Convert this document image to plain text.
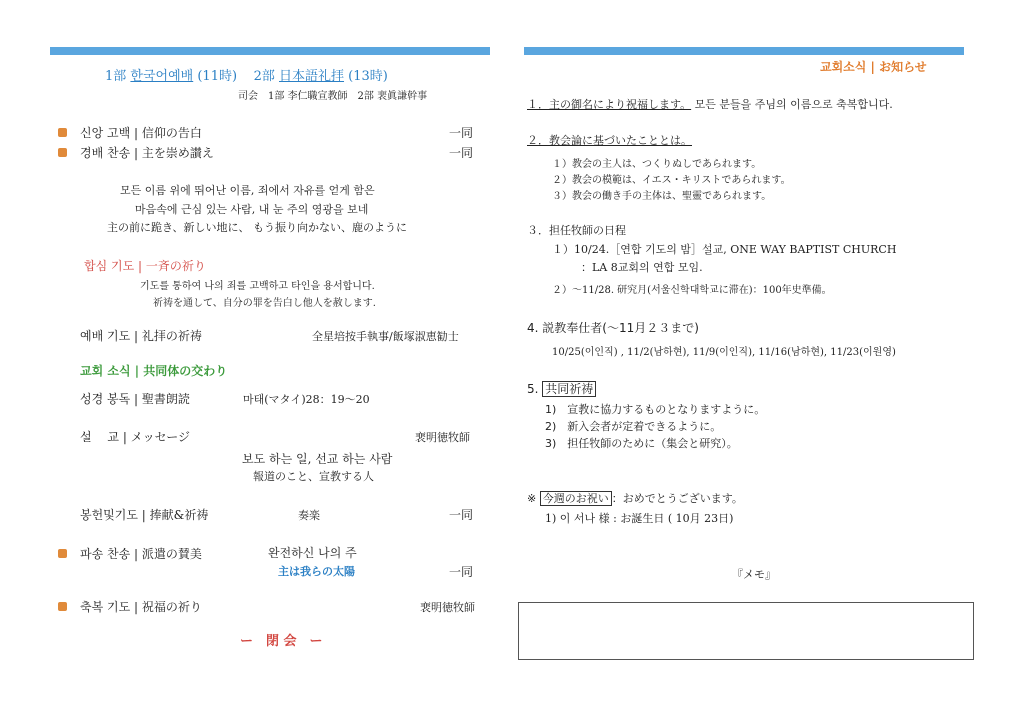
1部 한국어예배 (11時) 2部 日本語礼拝 (13時)
司会　1部 李仁職宣教師　2部 裵眞謙幹事
신앙 고백 | 信仰の告白	一同
경배 찬송 | 主を崇め讃え	一同
모든 이름 위에 뛰어난 이름, 죄에서 자유를 얻게 함은
마음속에 근심 있는 사람, 내 눈 주의 영광을 보네
主の前に跪き、新しい地に、 もう振り向かない、鹿のように
합심 기도 | 一斉の祈り
기도를 통하여 나의 죄를 고백하고 타인을 용서합니다.
祈祷を通して、自分の罪を告白し他人を赦します.
예배 기도 | 礼拝の祈祷	全星培按手執事/飯塚淑恵勧士
교회 소식 | 共同体の交わり
성경 봉독 | 聖書朗読	마태(マタイ)28：19～20
설　 교 | メッセージ	裵明徳牧師
보도 하는 일, 선교 하는 사람
報道のこと、宣教する人
봉헌및기도 | 捧献&祈祷	奏楽	一同
파송 찬송 | 派遣の賛美	완전하신 나의 주
主は我らの太陽	一同
축복 기도 | 祝福の祈り	裵明徳牧師
ー　閉 会　ー
교회소식 | お知らせ
１．主の御名により祝福します。 모든 분들을 주님의 이름으로 축복합니다.
２．教会論に基づいたこととは。
１）教会の主人は、つくりぬしであられます。
２）教会の模範は、イエス・キリストであられます。
３）教会の働き手の主体は、聖靈であられます。
３．担任牧師の日程
１）10/24.［연합 기도의 밤］설교, ONE WAY BAPTIST CHURCH
　：LA 8교회의 연합 모임.
２）～11/28. 研究月(서울신학대학교に滞在)：100年史準備。
4. 説教奉仕者(～11月２３まで)
10/25(이인직) , 11/2(남하현), 11/9(이인직), 11/16(남하현), 11/23(이원영)
5. 共同祈祷
1)　宣教に協力するものとなりますように。
2)　新入会者が定着できるように。
3)　担任牧師のために（集会と研究）。
※ 今週のお祝い ：おめでとうございます。
1) 이 서나 様 : お誕生日 ( 10月 23日)
『メモ』
